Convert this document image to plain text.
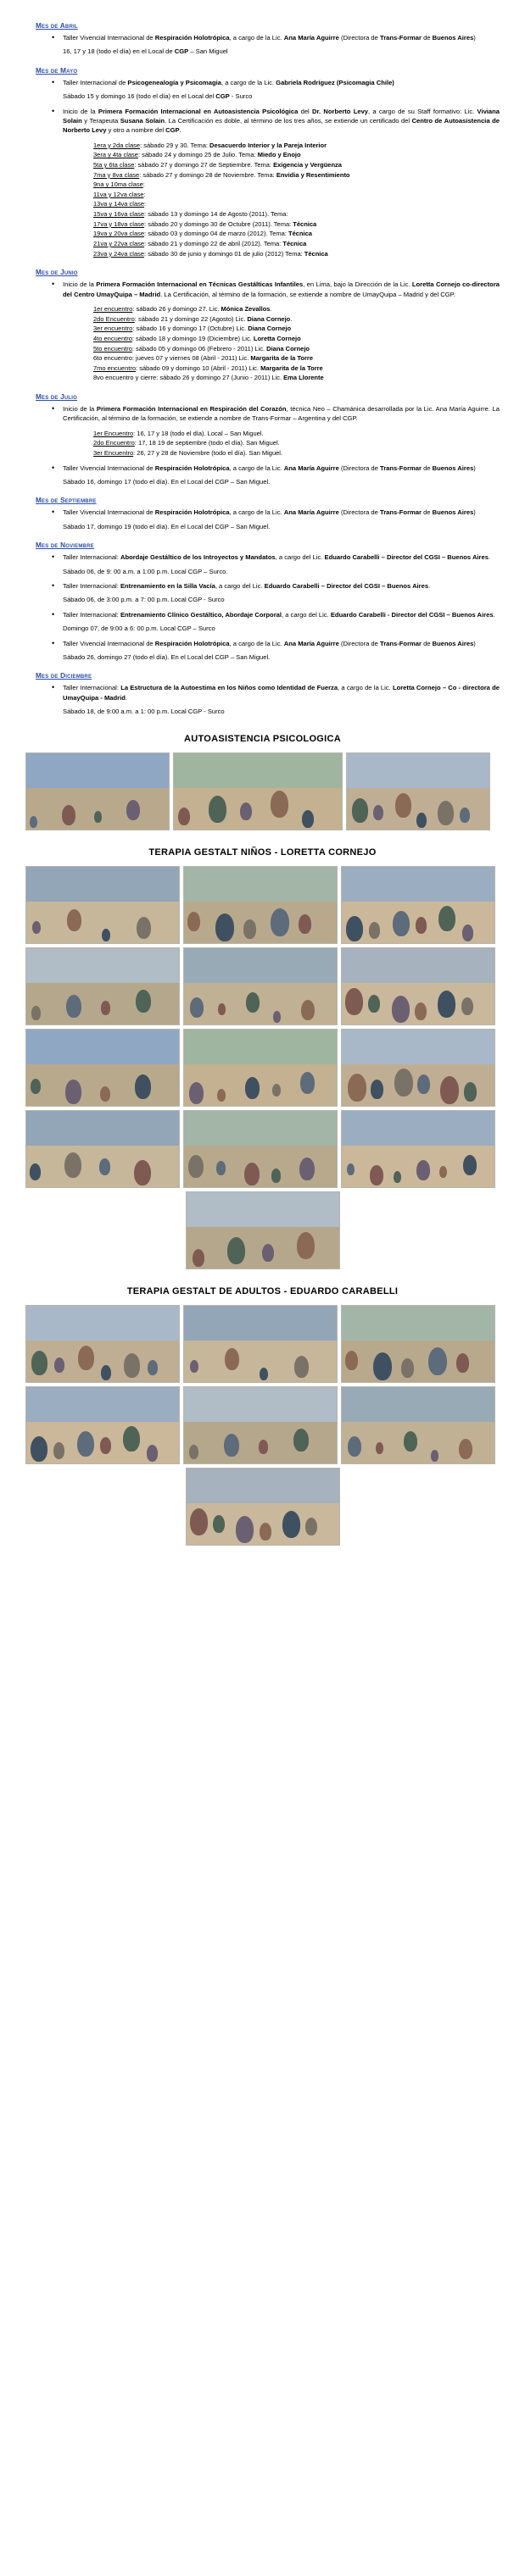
Mes de Abril
• Taller Vivencial Internacional de Respiración Holotrópica, a cargo de la Lic. Ana María Aguirre (Directora de Trans-Formar de Buenos Aires)
16, 17 y 18 (todo el día) en el Local de CGP – San Miguel
Mes de Mayo
• Taller Internacional de Psicogenealogía y Psicomagia, a cargo de la Lic. Gabriela Rodríguez (Psicomagia Chile)
Sábado 15 y domingo 16 (todo el día) en el Local del CGP - Surco
• Inicio de la Primera Formación Internacional en Autoasistencia Psicológica del Dr. Norberto Levy, a cargo de su Staff formativo: Lic. Viviana Solain y Terapeuta Susana Solain. La Certificación es doble, al término de los tres años, se extiende un certificado del Centro de Autoasistencia de Norberto Levy y otro a nombre del CGP.
1era y 2da clase: sábado 29 y 30. Tema: Desacuerdo Interior y la Pareja Interior
3era y 4ta clase: sábado 24 y domingo 25 de Julio. Tema: Miedo y Enojo
5ta y 6ta clase: sábado 27 y domingo 27 de Septiembre. Tema: Exigencia y Vergüenza
7ma y 8va clase: sábado 27 y domingo 28 de Noviembre. Tema: Envidia y Resentimiento
9na y 10ma clase:
11va y 12va clase:
13va y 14va clase:
15va y 16va clase: sábado 13 y domingo 14 de Agosto (2011). Tema:
17va y 18va clase: sábado 20 y domingo 30 de Octubre (2011). Tema: Técnica
19va y 20va clase: sábado 03 y domingo 04 de marzo (2012). Tema: Técnica
21va y 22va clase: sábado 21 y domingo 22 de abril (2012). Tema: Técnica
23va y 24va clase: sábado 30 de junio y domingo 01 de julio (2012) Tema: Técnica
Mes de Junio
• Inicio de la Primera Formación Internacional en Técnicas Gestálticas Infantiles, en Lima, bajo la Dirección de la Lic. Loretta Cornejo co-directora del Centro UmayQuipa – Madrid. La Certificación, al término de la formación, se extiende a nombre de UmayQuipa – Madrid y del CGP.
1er encuentro: sábado 26 y domingo 27. Lic. Mónica Zevallos.
2do Encuentro: sábado 21 y domingo 22 (Agosto) Lic. Diana Cornejo.
3er encuentro: sábado 16 y domingo 17 (Octubre) Lic. Diana Cornejo
4to encuentro: sábado 18 y domingo 19 (Diciembre) Lic. Loretta Cornejo
5to encuentro: sábado 05 y domingo 06 (Febrero - 2011) Lic. Diana Cornejo
6to encuentro: jueves 07 y viernes 08 (Abril - 2011) Lic. Margarita de la Torre
7mo encuentro: sábado 09 y domingo 10 (Abril - 2011) Lic. Margarita de la Torre
8vo encuentro y cierre: sábado 26 y domingo 27 (Junio - 2011) Lic. Ema Llorente
Mes de Julio
• Inicio de la Primera Formación Internacional en Respiración del Corazón, técnica Neo – Chamánica desarrollada por la Lic. Ana María Aguirre. La Certificación, al término de la formación, se extiende a nombre de Trans-Formar – Argentina y del CGP.
1er Encuentro: 16, 17 y 18 (todo el día). Local – San Miguel.
2do Encuentro: 17, 18 19 de septiembre (todo el día). San Miguel.
3er Encuentro: 26, 27 y 28 de Noviembre (todo el día). San Miguel.
• Taller Vivencial Internacional de Respiración Holotrópica, a cargo de la Lic. Ana María Aguirre (Directora de Trans-Formar de Buenos Aires)
Sábado 16, domingo 17 (todo el día). En el Local del CGP – San Miguel.
Mes de Septiembre
• Taller Vivencial Internacional de Respiración Holotrópica, a cargo de la Lic. Ana María Aguirre (Directora de Trans-Formar de Buenos Aires)
Sábado 17, domingo 19 (todo el día). En el Local del CGP – San Miguel.
Mes de Noviembre
• Taller Internacional: Abordaje Gestáltico de los Introyectos y Mandatos, a cargo del Lic. Eduardo Carabelli – Director del CGSI – Buenos Aires.
Sábado 06, de 9: 00 a.m. a 1:00 p.m. Local CGP – Surco.
• Taller Internacional: Entrenamiento en la Silla Vacía, a cargo del Lic. Eduardo Carabelli – Director del CGSI – Buenos Aires.
Sábado 06, de 3:00 p.m. a 7: 00 p.m. Local CGP - Surco
• Taller Internacional: Entrenamiento Clínico Gestáltico, Abordaje Corporal, a cargo del Lic. Eduardo Carabelli - Director del CGSI – Buenos Aires.
Domingo 07, de 9:00 a 6: 00 p.m. Local CGP – Surco
• Taller Vivencial Internacional de Respiración Holotrópica, a cargo de la Lic. Ana María Aguirre (Directora de Trans-Formar de Buenos Aires)
Sábado 26, domingo 27 (todo el día). En el Local del CGP – San Miguel.
Mes de Diciembre
• Taller Internacional: La Estructura de la Autoestima en los Niños como Identidad de Fuerza, a cargo de la Lic. Loretta Cornejo – Co - directora de UmayQuipa - Madrid.
Sábado 18, de 9:00 a.m. a 1: 00 p.m. Local CGP - Surco
AUTOASISTENCIA PSICOLOGICA
TERAPIA GESTALT NIÑOS - LORETTA CORNEJO
TERAPIA GESTALT DE ADULTOS - EDUARDO CARABELLI
